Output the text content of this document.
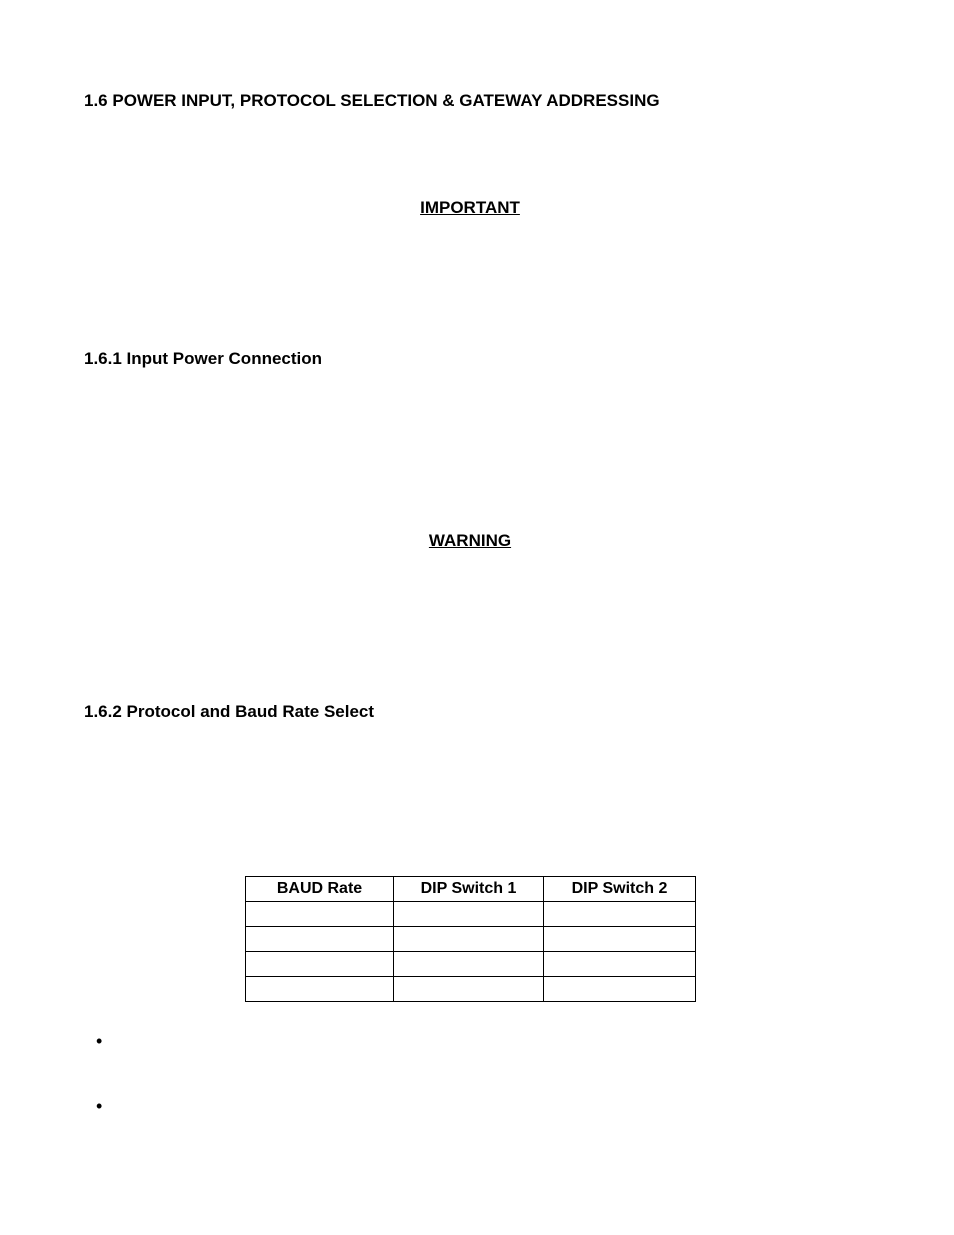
1.6 POWER INPUT, PROTOCOL SELECTION & GATEWAY ADDRESSING
IMPORTANT
1.6.1 Input Power Connection
WARNING
1.6.2 Protocol and Baud Rate Select
BAUD Rate	DIP Switch 1	DIP Switch 2

•
•
